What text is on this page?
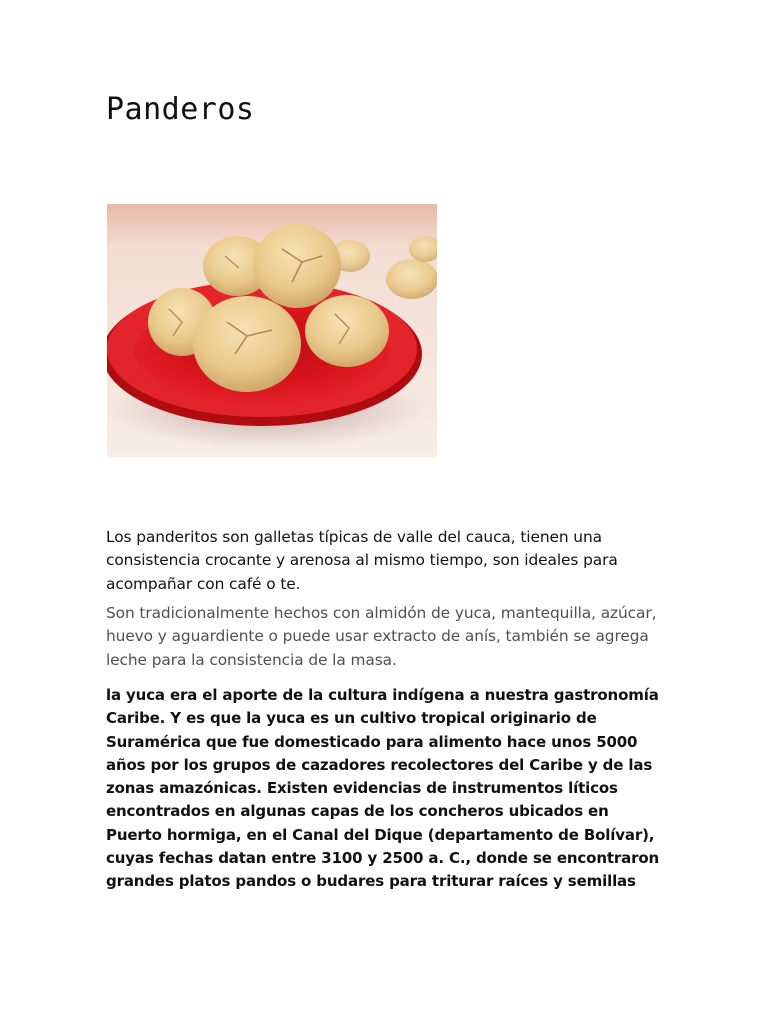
Panderos

Los panderitos son galletas típicas de valle del cauca, tienen una consistencia crocante y arenosa al mismo tiempo, son ideales para acompañar con café o te.

Son tradicionalmente hechos con almidón de yuca, mantequilla, azúcar, huevo y aguardiente o puede usar extracto de anís, también se agrega leche para la consistencia de la masa.

la yuca era el aporte de la cultura indígena a nuestra gastronomía Caribe. Y es que la yuca es un cultivo tropical originario de Suramérica que fue domesticado para alimento hace unos 5000 años por los grupos de cazadores recolectores del Caribe y de las zonas amazónicas. Existen evidencias de instrumentos líticos encontrados en algunas capas de los concheros ubicados en Puerto hormiga, en el Canal del Dique (departamento de Bolívar), cuyas fechas datan entre 3100 y 2500 a. C., donde se encontraron grandes platos pandos o budares para triturar raíces y semillas
